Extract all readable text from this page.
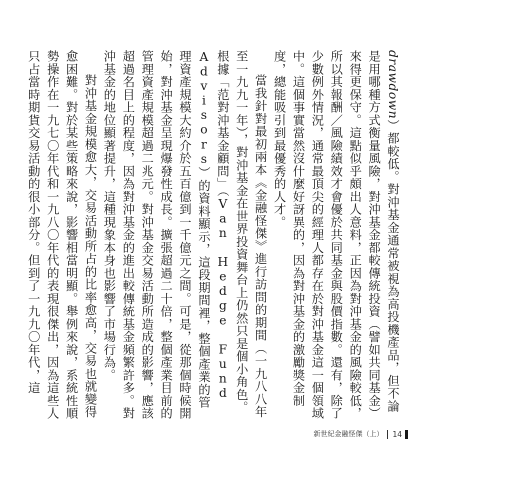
drawdown）都較低。對沖基金通常被視為高投機產品，但不論是用哪種方式衡量風險，對沖基金都較傳統投資（譬如共同基金）來得更保守。這點似乎頗出人意料，正因為對沖基金的風險較低，所以其報酬／風險績效才會優於共同基金與股價指數。還有，除了少數例外情況，通常最頂尖的經理人都存在於對沖基金這一個領域中。這個事實當然沒什麼好訝異的，因為對沖基金的激勵獎金制度，總能吸引到最優秀的人才。

當我針對最初兩本《金融怪傑》進行訪問的期間（一九八八年至一九九一年），對沖基金在世界投資舞台上仍然只是個小角色。根據「范對沖基金顧問」（Van Hedge Fund Advisors）的資料顯示，這段期間裡，整個產業的管理資產規模大約介於五百億到一千億元之間。可是，從那個時候開始，對沖基金呈現爆發性成長。擴張超過二十倍，整個產業目前的管理資產規模超過二兆元。對沖基金交易活動所造成的影響，應該超過名目上的程度，因為對沖基金的進出較傳統基金頻繁許多。對沖基金的地位顯著提升，這種現象本身也影響了市場行為。

對沖基金規模愈大，交易活動所占的比率愈高，交易也就變得愈困難。對於某些策略來說，影響相當明顯。舉例來說，系統性順勢操作在一九七〇年代和一九八〇年代的表現很傑出，因為這些人只占當時期貨交易活動的很小部分。但到了一九九〇年代，這

新世紀金融怪傑（上） 14
